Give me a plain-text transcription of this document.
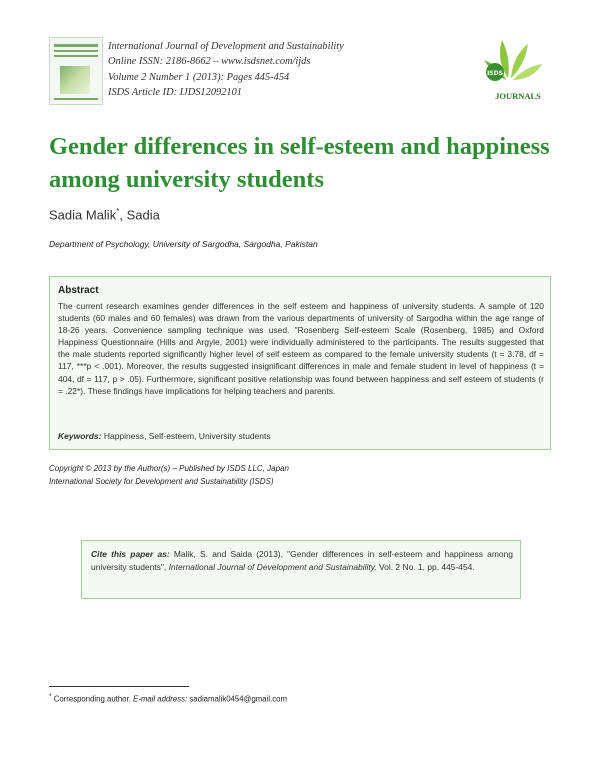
International Journal of Development and Sustainability
Online ISSN: 2186-8662 – www.isdsnet.com/ijds
Volume 2 Number 1 (2013): Pages 445-454
ISDS Article ID: IJDS12092101
ISDS
JOURNALS
Gender differences in self-esteem and happiness among university students
Sadia Malik*, Sadia
Department of Psychology, University of Sargodha, Sargodha, Pakistan
Abstract
The current research examines gender differences in the self esteem and happiness of university students. A sample of 120 students (60 males and 60 females) was drawn from the various departments of university of Sargodha within the age range of 18-26 years. Convenience sampling technique was used. "Rosenberg Self-esteem Scale (Rosenberg, 1985) and Oxford Happiness Questionnaire (Hills and Argyle, 2001) were individually administered to the participants. The results suggested that the male students reported significantly higher level of self esteem as compared to the female university students (t = 3.78, df = 117, ***p < .001). Moreover, the results suggested insignificant differences in male and female student in level of happiness (t = 404, df = 117, p > .05). Furthermore, significant positive relationship was found between happiness and self esteem of students (r = .22*). These findings have implications for helping teachers and parents.
Keywords: Happiness, Self-esteem, University students
Copyright © 2013 by the Author(s) – Published by ISDS LLC, Japan
International Society for Development and Sustainability (ISDS)
Cite this paper as: Malik, S. and Saida (2013), "Gender differences in self-esteem and happiness among university students", International Journal of Development and Sustainability, Vol. 2 No. 1, pp. 445-454.
* Corresponding author. E-mail address: sadiamalik0454@gmail.com
